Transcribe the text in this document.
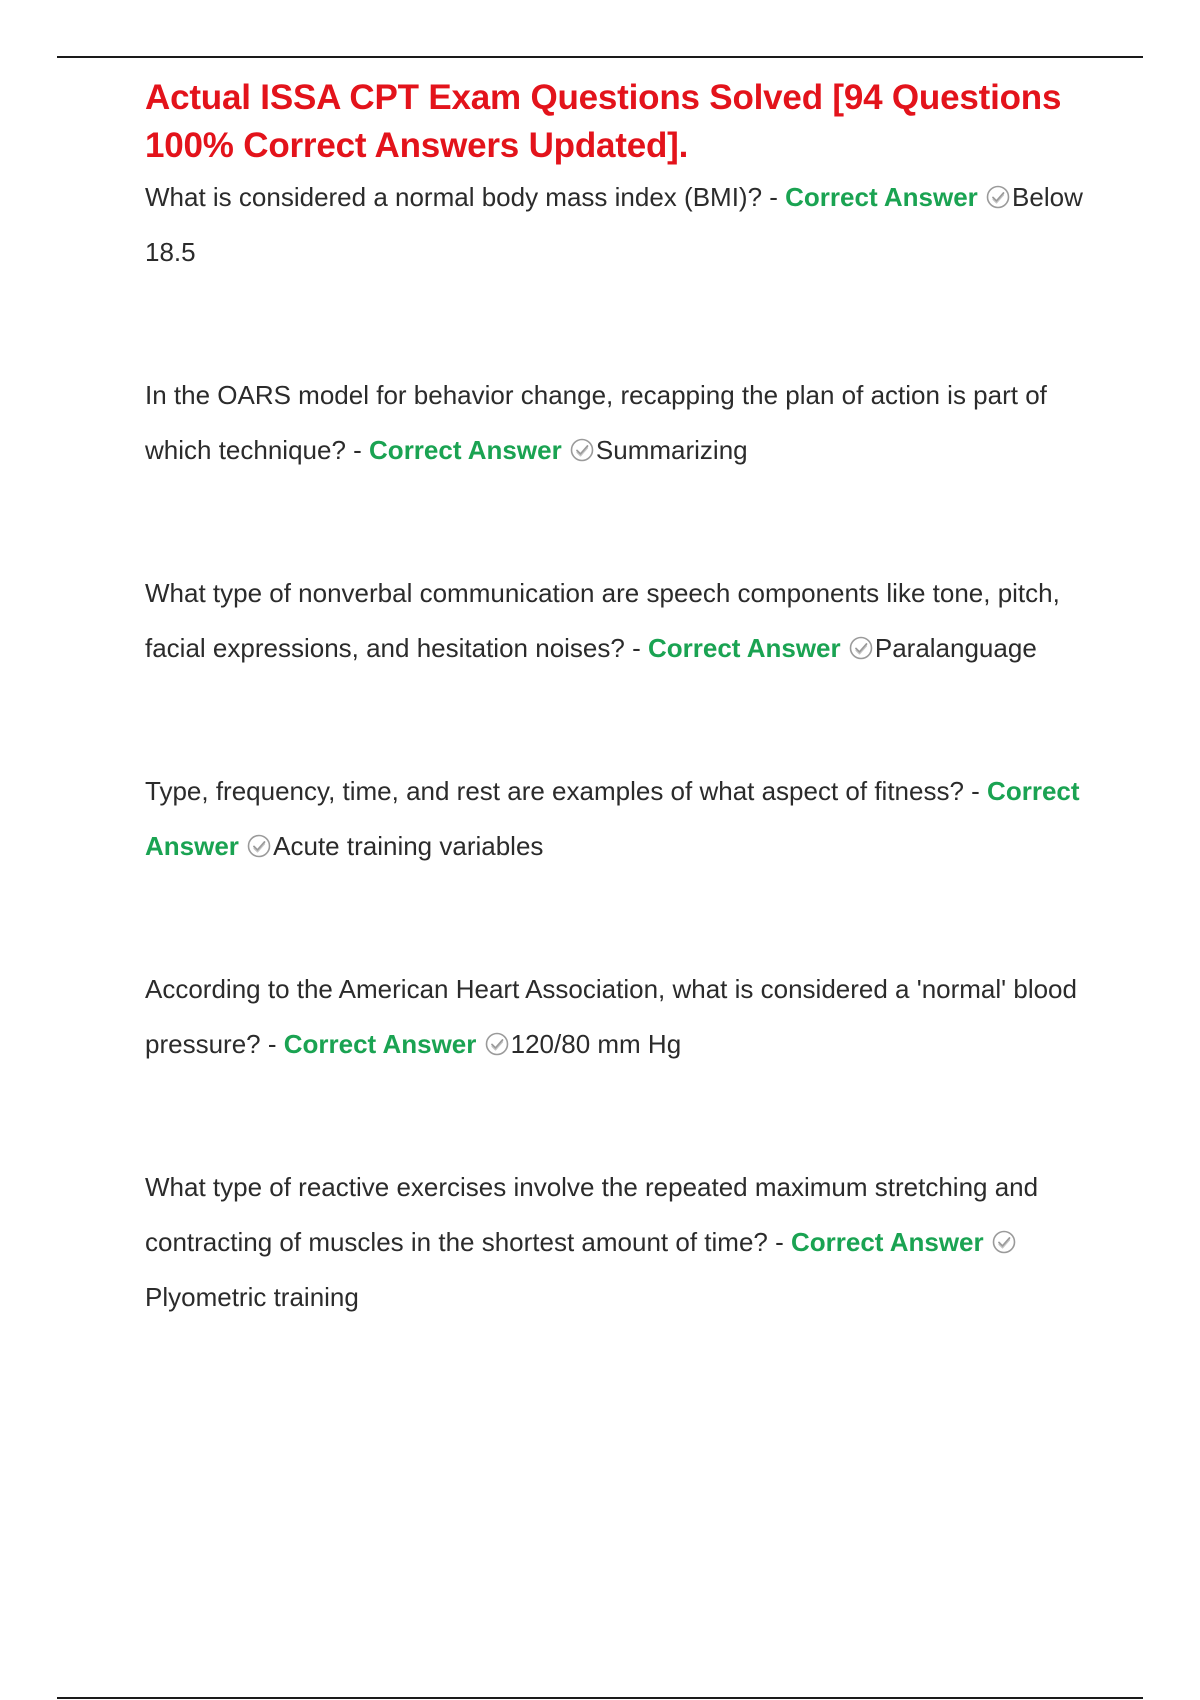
Actual ISSA CPT Exam Questions Solved [94 Questions 100% Correct Answers Updated].

What is considered a normal body mass index (BMI)? - Correct Answer Below 18.5

In the OARS model for behavior change, recapping the plan of action is part of which technique? - Correct Answer Summarizing

What type of nonverbal communication are speech components like tone, pitch, facial expressions, and hesitation noises? - Correct Answer Paralanguage

Type, frequency, time, and rest are examples of what aspect of fitness? - Correct Answer Acute training variables

According to the American Heart Association, what is considered a 'normal' blood pressure? - Correct Answer 120/80 mm Hg

What type of reactive exercises involve the repeated maximum stretching and contracting of muscles in the shortest amount of time? - Correct Answer
Plyometric training
